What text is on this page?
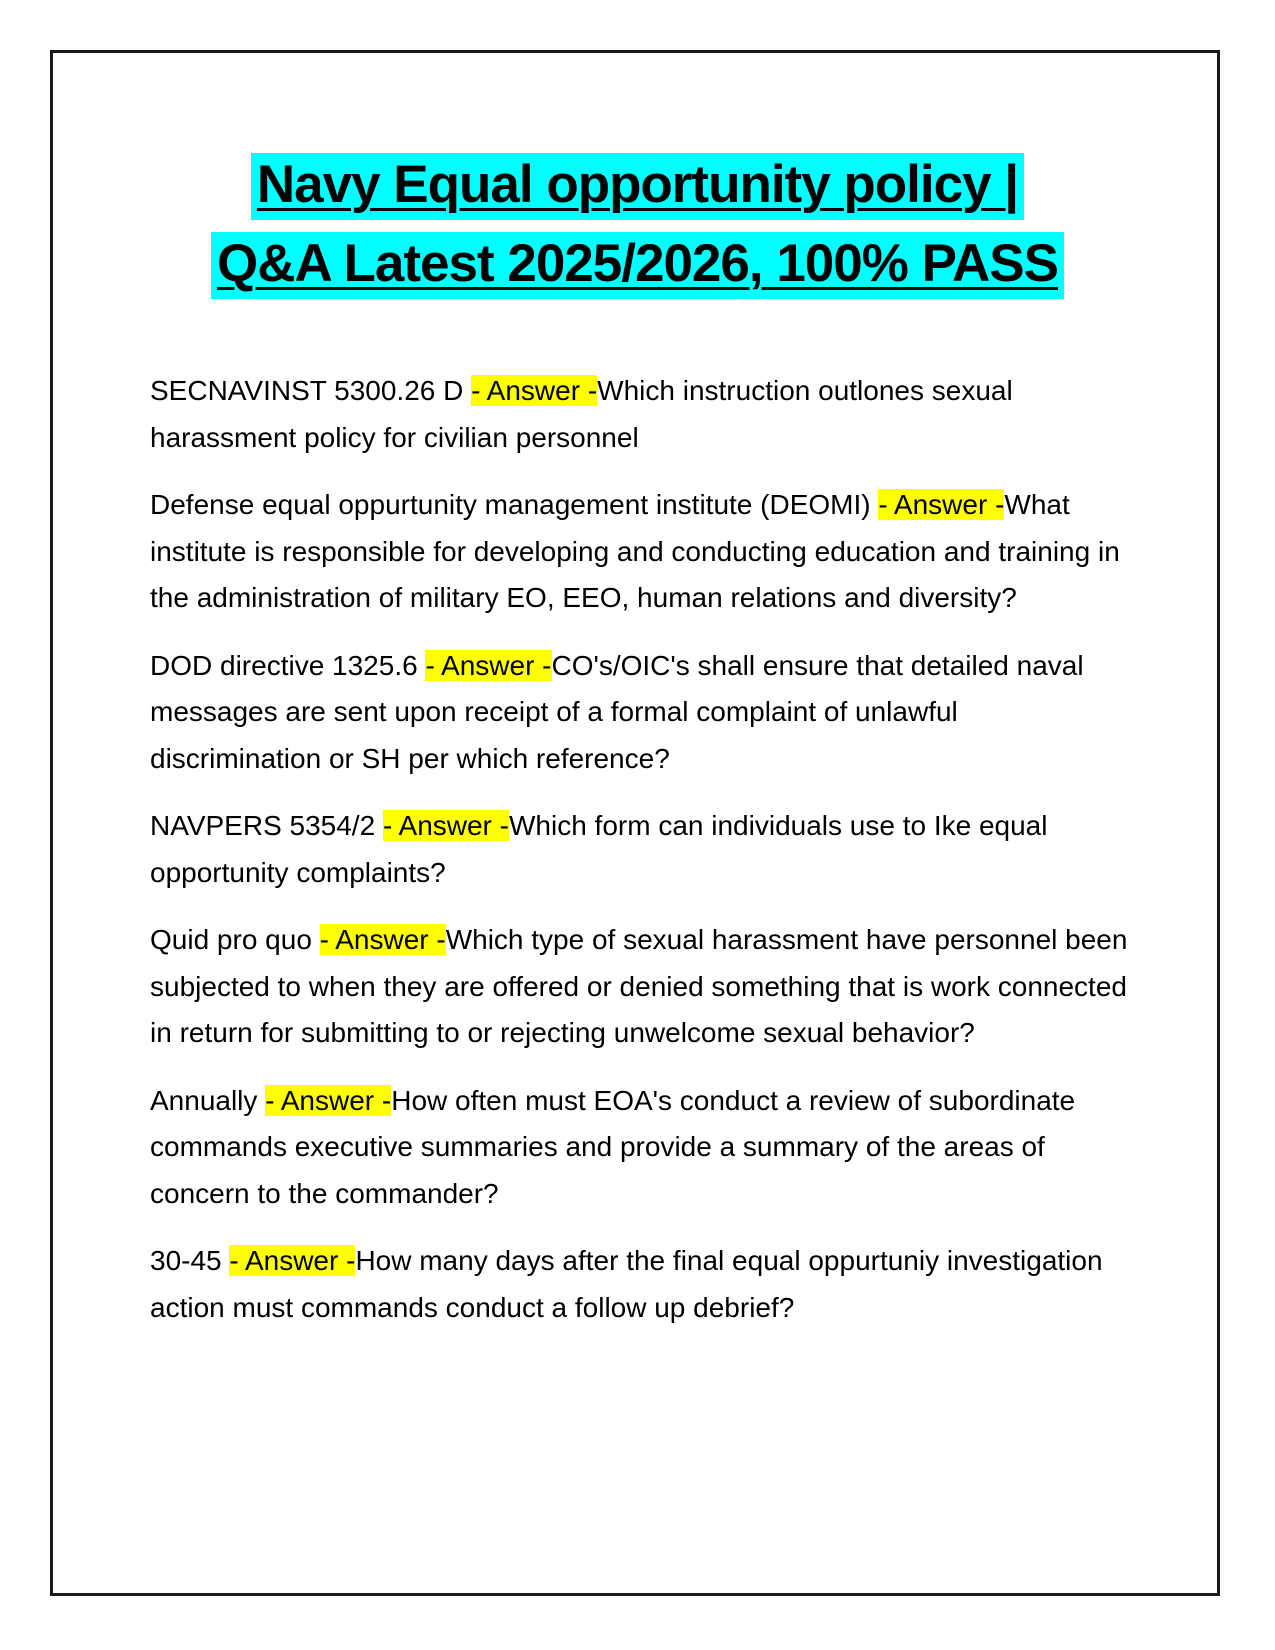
Navy Equal opportunity policy |
Q&A Latest 2025/2026, 100% PASS

SECNAVINST 5300.26 D - Answer -Which instruction outlones sexual harassment policy for civilian personnel

Defense equal oppurtunity management institute (DEOMI) - Answer -What institute is responsible for developing and conducting education and training in the administration of military EO, EEO, human relations and diversity?

DOD directive 1325.6 - Answer -CO's/OIC's shall ensure that detailed naval messages are sent upon receipt of a formal complaint of unlawful discrimination or SH per which reference?

NAVPERS 5354/2 - Answer -Which form can individuals use to Ike equal opportunity complaints?

Quid pro quo - Answer -Which type of sexual harassment have personnel been subjected to when they are offered or denied something that is work connected in return for submitting to or rejecting unwelcome sexual behavior?

Annually - Answer -How often must EOA's conduct a review of subordinate commands executive summaries and provide a summary of the areas of concern to the commander?

30-45 - Answer -How many days after the final equal oppurtuniy investigation action must commands conduct a follow up debrief?
